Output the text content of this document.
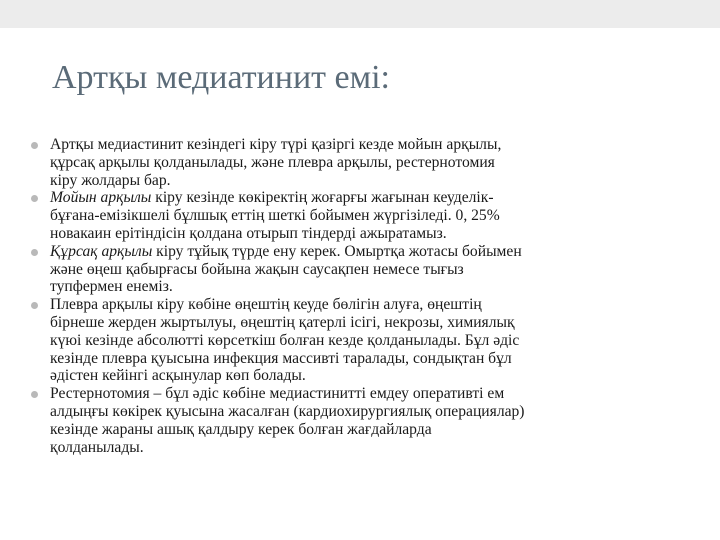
Артқы медиатинит емі:
Артқы медиастинит кезіндегі кіру түрі қазіргі кезде мойын арқылы,
құрсақ арқылы қолданылады, және плевра арқылы, рестернотомия
кіру жолдары бар.
Мойын арқылы кіру кезінде көкіректің жоғарғы жағынан кеуделік-
бұғана-емізікшелі бұлшық еттің шеткі бойымен жүргізіледі. 0, 25%
новакаин ерітіндісін қолдана отырып тіндерді ажыратамыз.
Құрсақ арқылы кіру тұйық түрде ену керек. Омыртқа жотасы бойымен
және өңеш қабырғасы бойына жақын саусақпен немесе тығыз
тупфермен енеміз.
Плевра арқылы кіру көбіне өңештің кеуде бөлігін алуға, өңештің
бірнеше жерден жыртылуы, өңештің қатерлі ісігі, некрозы, химиялық
күюі кезінде абсолютті көрсеткіш болған кезде қолданылады. Бұл әдіс
кезінде плевра қуысына инфекция массивті таралады, сондықтан бұл
әдістен кейінгі асқынулар көп болады.
Рестернотомия – бұл әдіс көбіне медиастинитті емдеу оперативті ем
алдыңғы көкірек қуысына жасалған (кардиохирургиялық операциялар)
кезінде жараны ашық қалдыру керек болған жағдайларда
қолданылады.
